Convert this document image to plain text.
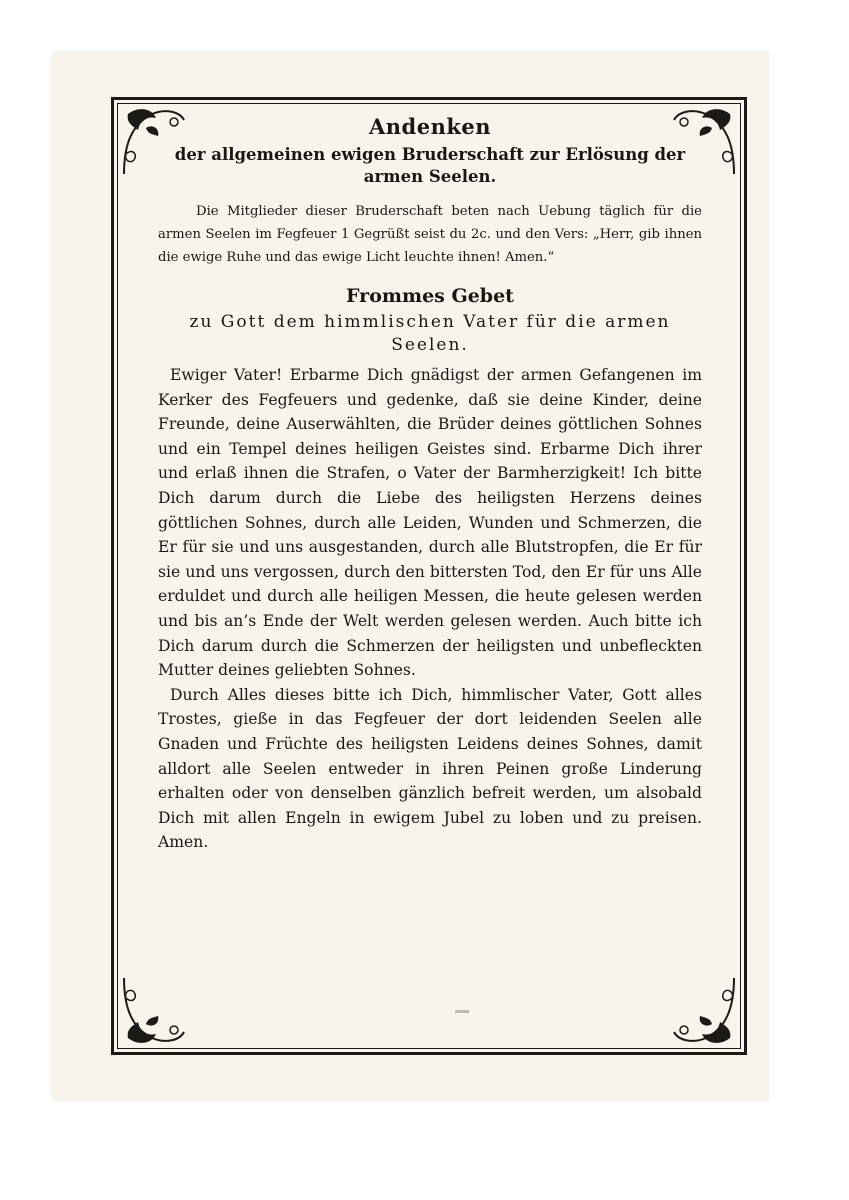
Andenken

der allgemeinen ewigen Bruderschaft zur Erlösung der armen Seelen.

Die Mitglieder dieser Bruderschaft beten nach Uebung täglich für die armen Seelen im Fegfeuer 1 Gegrüßt seist du 2c. und den Vers: „Herr, gib ihnen die ewige Ruhe und das ewige Licht leuchte ihnen! Amen.“

Frommes Gebet

zu Gott dem himmlischen Vater für die armen Seelen.

Ewiger Vater! Erbarme Dich gnädigst der armen Gefangenen im Kerker des Fegfeuers und gedenke, daß sie deine Kinder, deine Freunde, deine Auserwählten, die Brüder deines göttlichen Sohnes und ein Tempel deines heiligen Geistes sind. Erbarme Dich ihrer und erlaß ihnen die Strafen, o Vater der Barmherzigkeit! Ich bitte Dich darum durch die Liebe des heiligsten Herzens deines göttlichen Sohnes, durch alle Leiden, Wunden und Schmerzen, die Er für sie und uns ausgestanden, durch alle Blutstropfen, die Er für sie und uns vergossen, durch den bittersten Tod, den Er für uns Alle erduldet und durch alle heiligen Messen, die heute gelesen werden und bis an’s Ende der Welt werden gelesen werden. Auch bitte ich Dich darum durch die Schmerzen der heiligsten und unbefleckten Mutter deines geliebten Sohnes.

Durch Alles dieses bitte ich Dich, himmlischer Vater, Gott alles Trostes, gieße in das Fegfeuer der dort leidenden Seelen alle Gnaden und Früchte des heiligsten Leidens deines Sohnes, damit alldort alle Seelen entweder in ihren Peinen große Linderung erhalten oder von denselben gänzlich befreit werden, um alsobald Dich mit allen Engeln in ewigem Jubel zu loben und zu preisen. Amen.
